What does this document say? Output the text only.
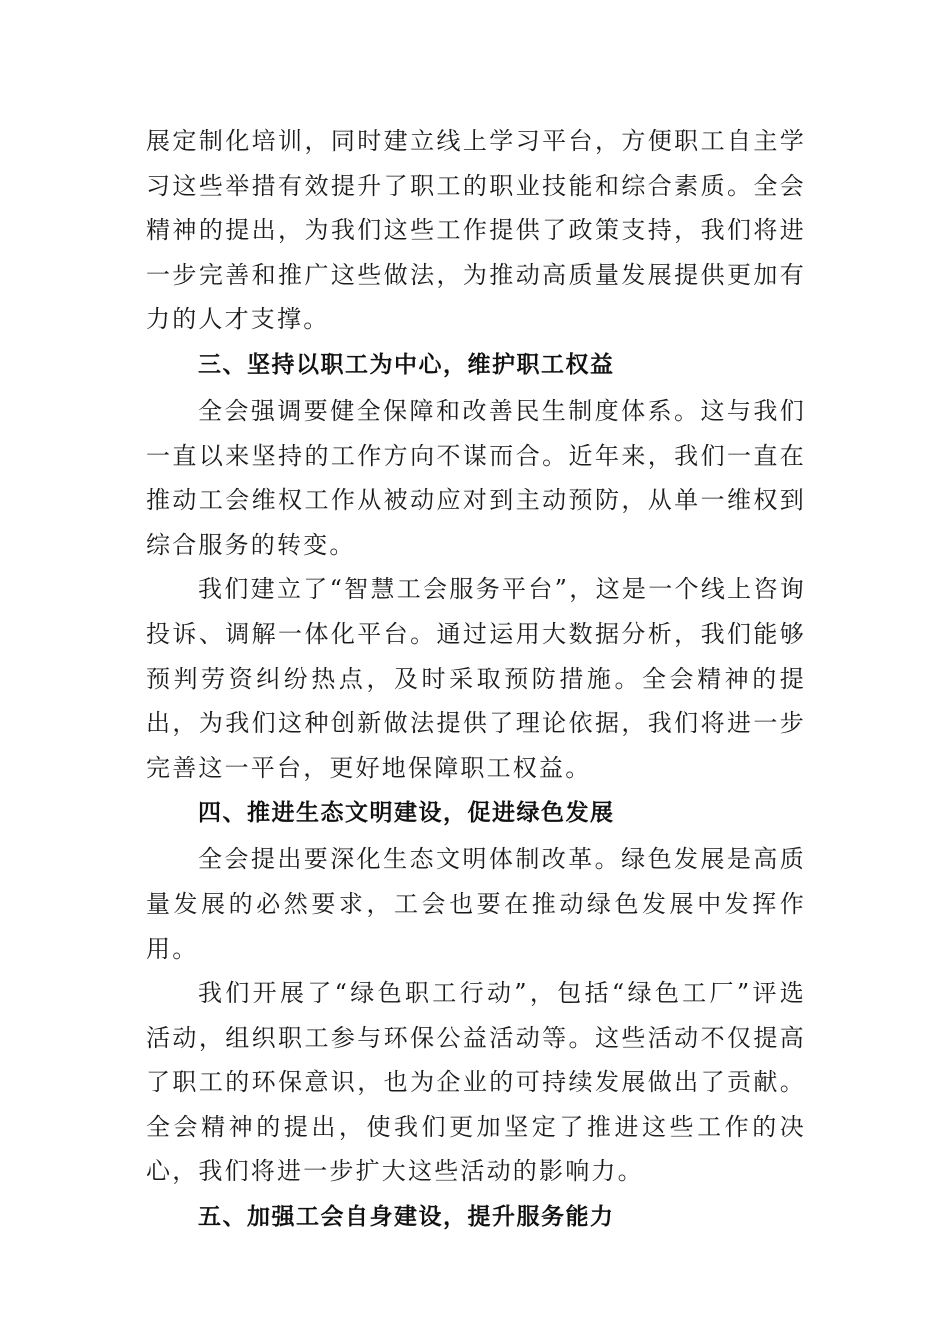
展定制化培训，同时建立线上学习平台，方便职工自主学习这些举措有效提升了职工的职业技能和综合素质。全会精神的提出，为我们这些工作提供了政策支持，我们将进一步完善和推广这些做法，为推动高质量发展提供更加有力的人才支撑。

三、坚持以职工为中心，维护职工权益

全会强调要健全保障和改善民生制度体系。这与我们一直以来坚持的工作方向不谋而合。近年来，我们一直在推动工会维权工作从被动应对到主动预防，从单一维权到综合服务的转变。

我们建立了“智慧工会服务平台”，这是一个线上咨询投诉、调解一体化平台。通过运用大数据分析，我们能够预判劳资纠纷热点，及时采取预防措施。全会精神的提出，为我们这种创新做法提供了理论依据，我们将进一步完善这一平台，更好地保障职工权益。

四、推进生态文明建设，促进绿色发展

全会提出要深化生态文明体制改革。绿色发展是高质量发展的必然要求，工会也要在推动绿色发展中发挥作用。

我们开展了“绿色职工行动”，包括“绿色工厂”评选活动，组织职工参与环保公益活动等。这些活动不仅提高了职工的环保意识，也为企业的可持续发展做出了贡献。全会精神的提出，使我们更加坚定了推进这些工作的决心，我们将进一步扩大这些活动的影响力。

五、加强工会自身建设，提升服务能力
